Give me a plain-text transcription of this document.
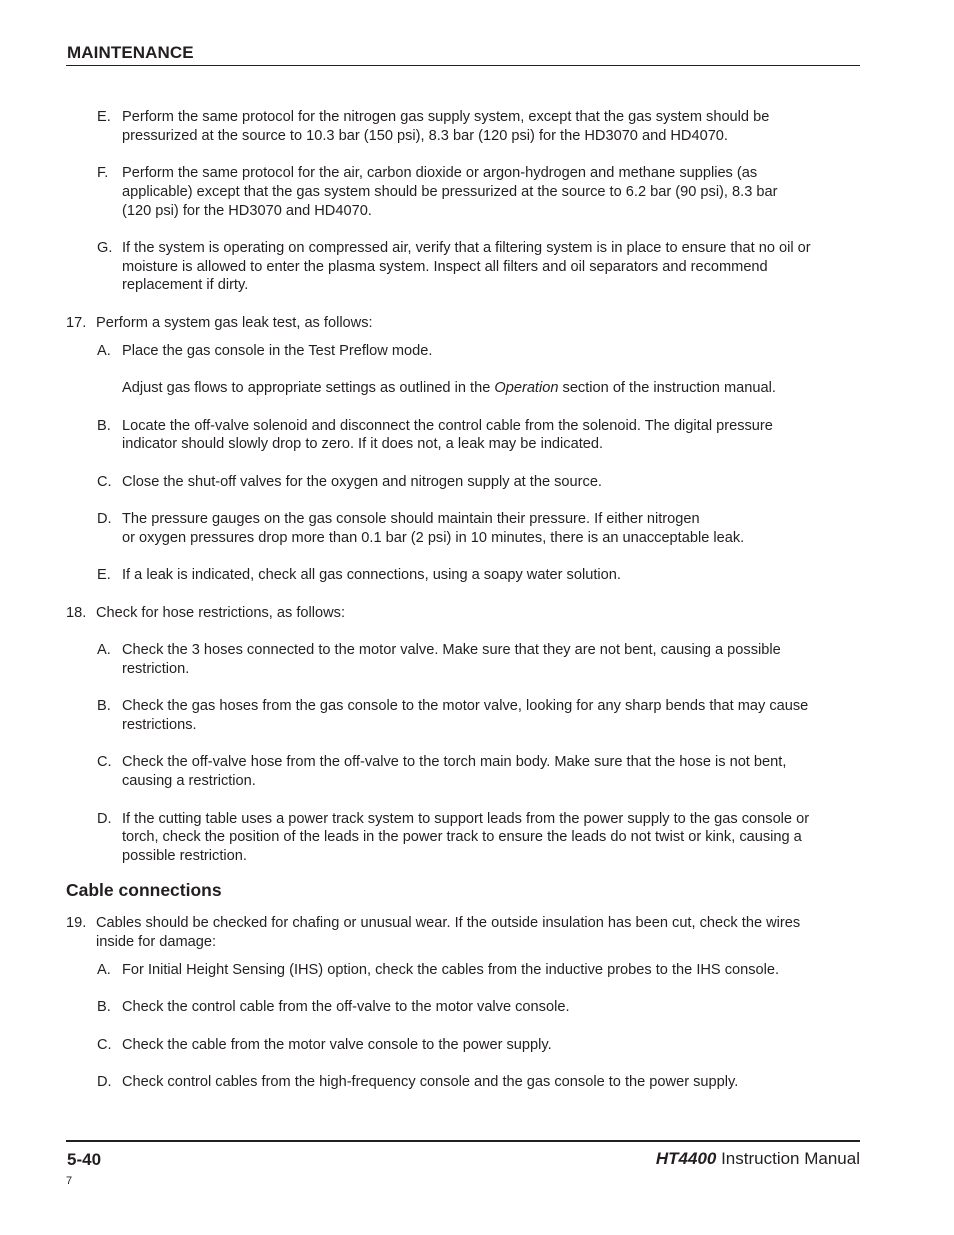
MAINTENANCE
E. Perform the same protocol for the nitrogen gas supply system, except that the gas system should be
pressurized at the source to 10.3 bar (150 psi), 8.3 bar (120 psi) for the HD3070 and HD4070.
F. Perform the same protocol for the air, carbon dioxide or argon-hydrogen and methane supplies (as
applicable) except that the gas system should be pressurized at the source to 6.2 bar (90 psi), 8.3 bar
(120 psi) for the HD3070 and HD4070.
G. If the system is operating on compressed air, verify that a filtering system is in place to ensure that no oil or
moisture is allowed to enter the plasma system. Inspect all filters and oil separators and recommend
replacement if dirty.
17. Perform a system gas leak test, as follows:
A. Place the gas console in the Test Preflow mode.
Adjust gas flows to appropriate settings as outlined in the Operation section of the instruction manual.
B. Locate the off-valve solenoid and disconnect the control cable from the solenoid. The digital pressure
indicator should slowly drop to zero. If it does not, a leak may be indicated.
C. Close the shut-off valves for the oxygen and nitrogen supply at the source.
D. The pressure gauges on the gas console should maintain their pressure. If either nitrogen
or oxygen pressures drop more than 0.1 bar (2 psi) in 10 minutes, there is an unacceptable leak.
E. If a leak is indicated, check all gas connections, using a soapy water solution.
18. Check for hose restrictions, as follows:
A. Check the 3 hoses connected to the motor valve. Make sure that they are not bent, causing a possible
restriction.
B. Check the gas hoses from the gas console to the motor valve, looking for any sharp bends that may cause
restrictions.
C. Check the off-valve hose from the off-valve to the torch main body. Make sure that the hose is not bent,
causing a restriction.
D. If the cutting table uses a power track system to support leads from the power supply to the gas console or
torch, check the position of the leads in the power track to ensure the leads do not twist or kink, causing a
possible restriction.
Cable connections
19. Cables should be checked for chafing or unusual wear. If the outside insulation has been cut, check the wires
inside for damage:
A. For Initial Height Sensing (IHS) option, check the cables from the inductive probes to the IHS console.
B. Check the control cable from the off-valve to the motor valve console.
C. Check the cable from the motor valve console to the power supply.
D. Check control cables from the high-frequency console and the gas console to the power supply.
5-40	HT4400 Instruction Manual
7
